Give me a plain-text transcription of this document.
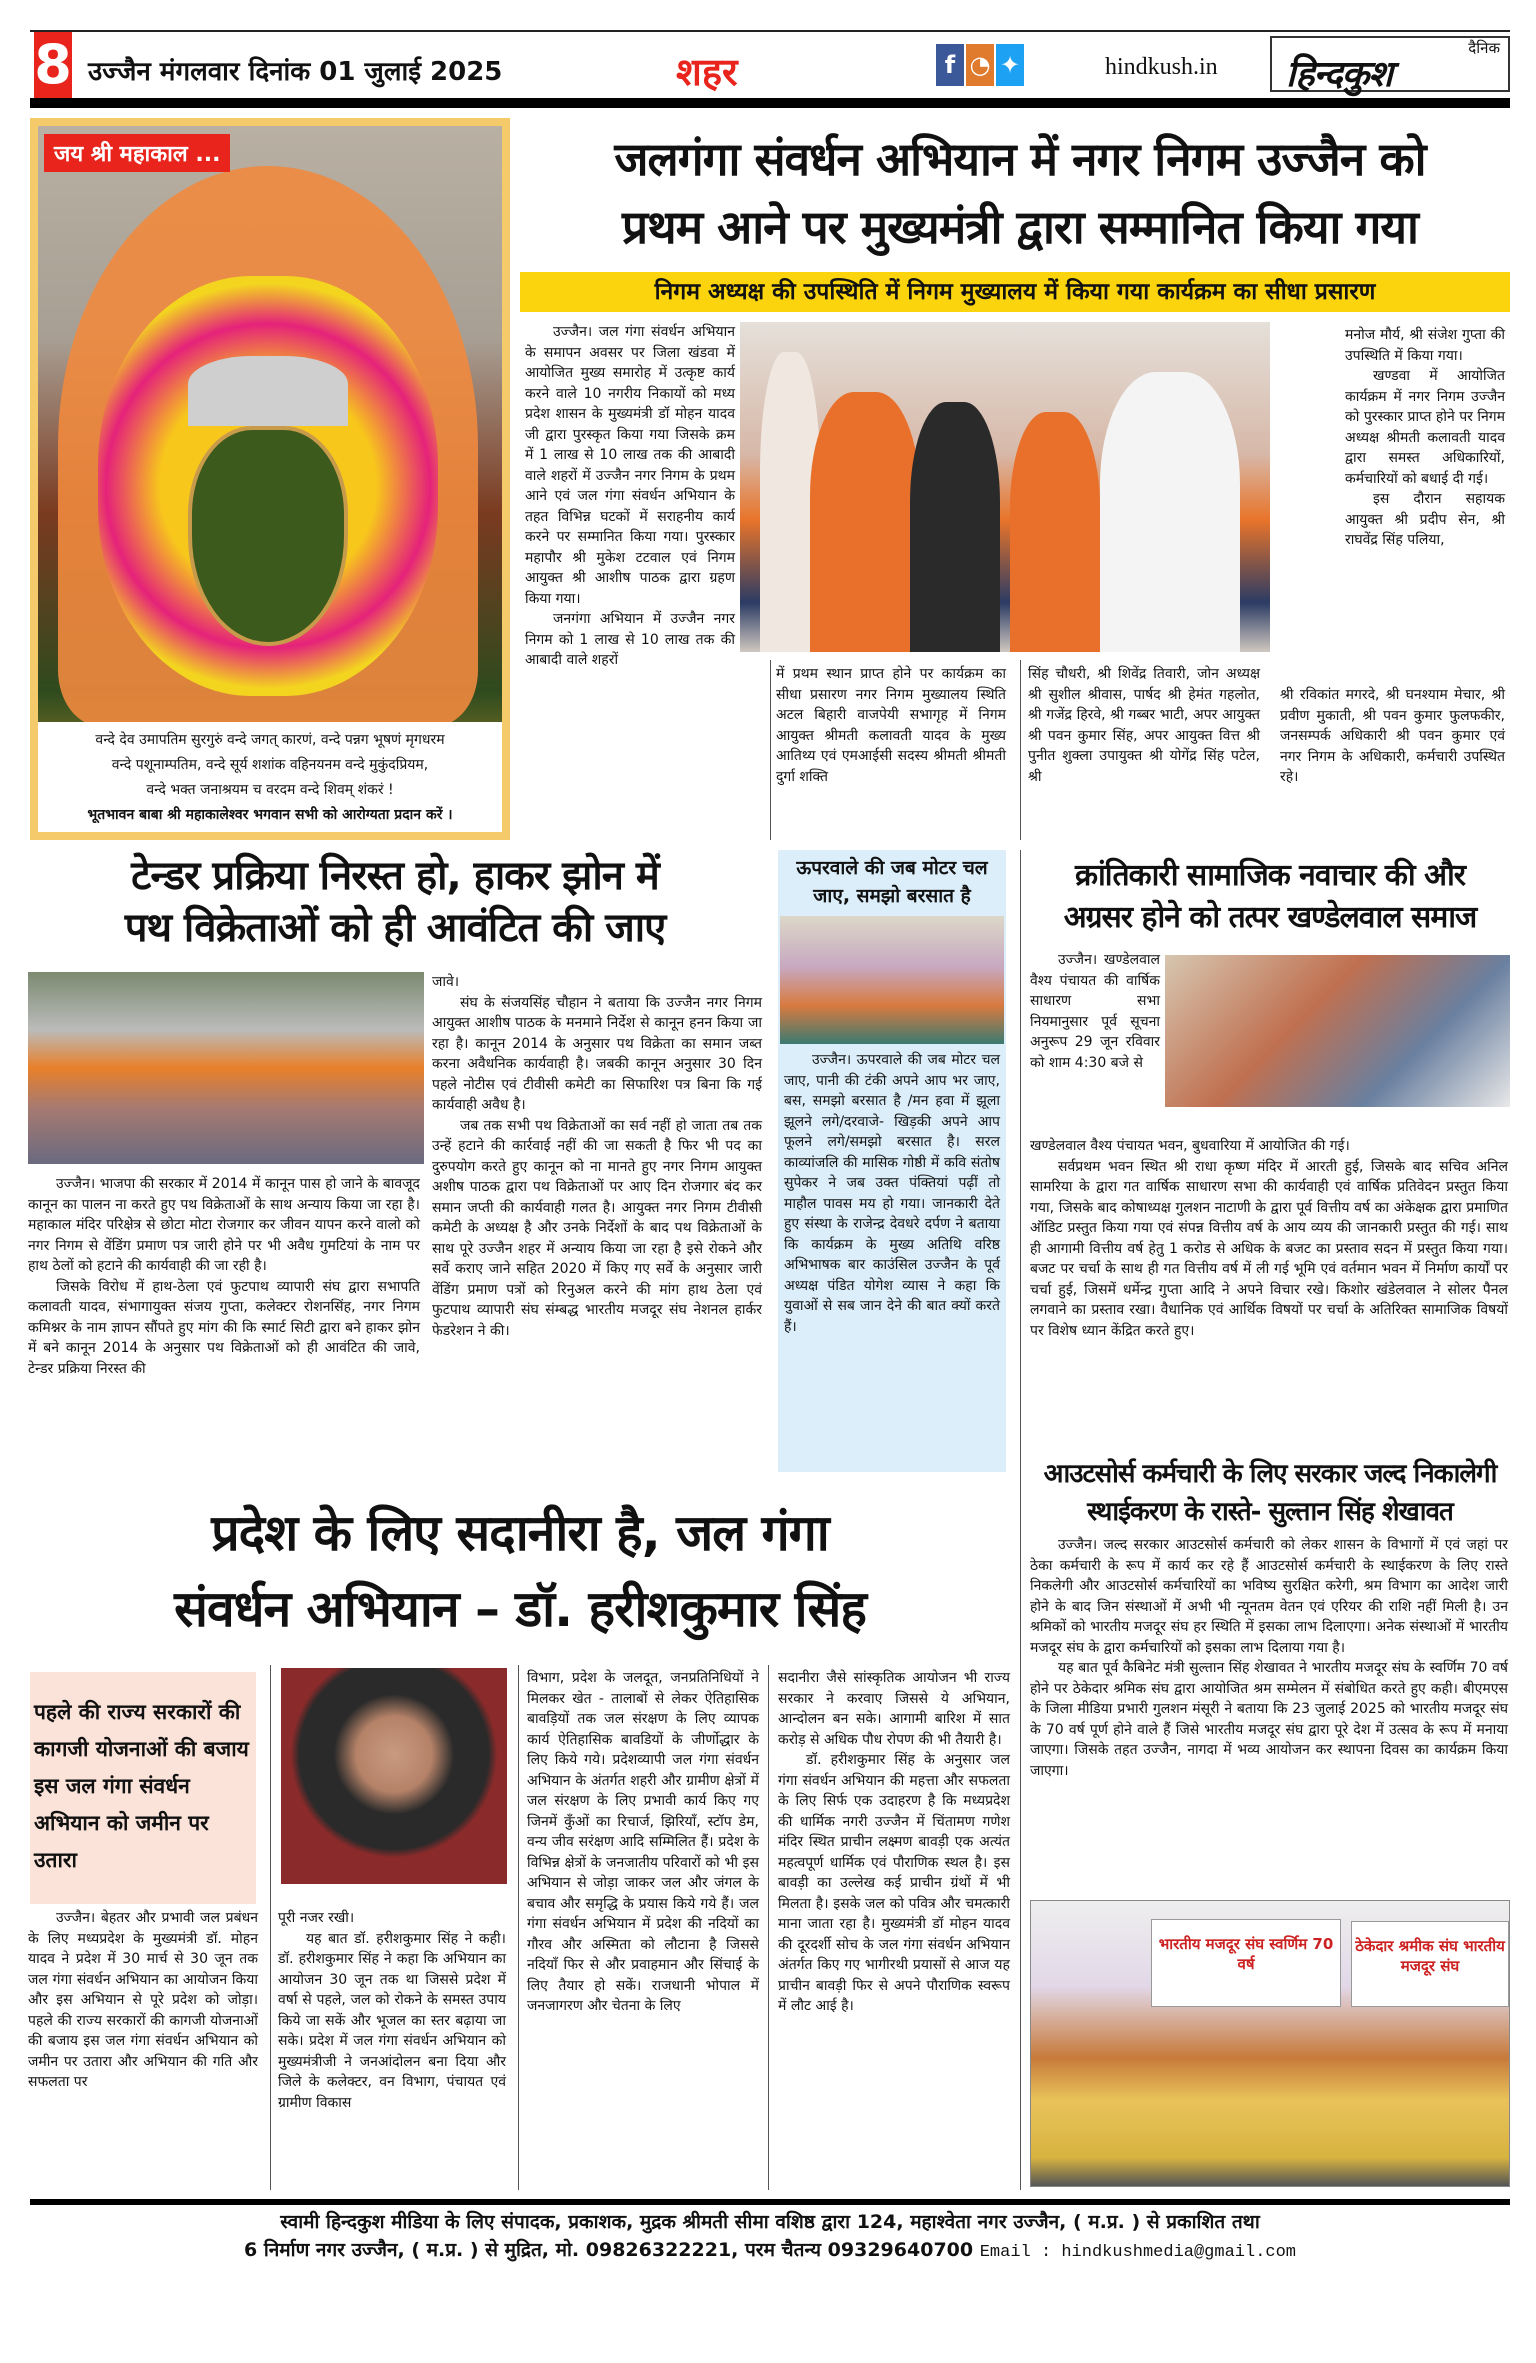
8 उज्जैन मंगलवार दिनांक 01 जुलाई 2025	शहर	f ◔ ✦	hindkush.in
दैनिक
हिन्दकुश
जय श्री महाकाल ...
वन्दे देव उमापतिम सुरगुरुं वन्दे जगत् कारणं, वन्दे पन्नग भूषणं मृगधरम
वन्दे पशूनाम्पतिम, वन्दे सूर्य शशांक वहिनयनम वन्दे मुकुंदप्रियम,
वन्दे भक्त जनाश्रयम च वरदम वन्दे शिवम् शंकरं !
भूतभावन बाबा श्री महाकालेश्वर भगवान सभी को आरोग्यता प्रदान करें ।
जलगंगा संवर्धन अभियान में नगर निगम उज्जैन को
प्रथम आने पर मुख्यमंत्री द्वारा सम्मानित किया गया
निगम अध्यक्ष की उपस्थिति में निगम मुख्यालय में किया गया कार्यक्रम का सीधा प्रसारण

उज्जैन। जल गंगा संवर्धन अभियान के समापन अवसर पर जिला खंडवा में आयोजित मुख्य समारोह में उत्कृष्ट कार्य करने वाले 10 नगरीय निकायों को मध्य प्रदेश शासन के मुख्यमंत्री डॉ मोहन यादव जी द्वारा पुरस्कृत किया गया जिसके क्रम में 1 लाख से 10 लाख तक की आबादी वाले शहरों में उज्जैन नगर निगम के प्रथम आने एवं जल गंगा संवर्धन अभियान के तहत विभिन्न घटकों में सराहनीय कार्य करने पर सम्मानित किया गया। पुरस्कार महापौर श्री मुकेश टटवाल एवं निगम आयुक्त श्री आशीष पाठक द्वारा ग्रहण किया गया।

जनगंगा अभियान में उज्जैन नगर निगम को 1 लाख से 10 लाख तक की आबादी वाले शहरों

में प्रथम स्थान प्राप्त होने पर कार्यक्रम का सीधा प्रसारण नगर निगम मुख्यालय स्थिति अटल बिहारी वाजपेयी सभागृह में निगम आयुक्त श्रीमती कलावती यादव के मुख्य आतिथ्य एवं एमआईसी सदस्य श्रीमती श्रीमती दुर्गा शक्ति
सिंह चौधरी, श्री शिवेंद्र तिवारी, जोन अध्यक्ष श्री सुशील श्रीवास, पार्षद श्री हेमंत गहलोत, श्री गजेंद्र हिरवे, श्री गब्बर भाटी, अपर आयुक्त श्री पवन कुमार सिंह, अपर आयुक्त वित्त श्री पुनीत शुक्ला उपायुक्त श्री योगेंद्र सिंह पटेल, श्री

मनोज मौर्य, श्री संजेश गुप्ता की उपस्थिति में किया गया।

खण्डवा में आयोजित कार्यक्रम में नगर निगम उज्जैन को पुरस्कार प्राप्त होने पर निगम अध्यक्ष श्रीमती कलावती यादव द्वारा समस्त अधिकारियों, कर्मचारियों को बधाई दी गई।

इस दौरान सहायक आयुक्त श्री प्रदीप सेन, श्री राघवेंद्र सिंह पलिया,

श्री रविकांत मगरदे, श्री घनश्याम मेचार, श्री प्रवीण मुकाती, श्री पवन कुमार फुलफकीर, जनसम्पर्क अधिकारी श्री पवन कुमार एवं नगर निगम के अधिकारी, कर्मचारी उपस्थित रहे।
टेन्डर प्रक्रिया निरस्त हो, हाकर झोन में
पथ विक्रेताओं को ही आवंटित की जाए

उज्जैन। भाजपा की सरकार में 2014 में कानून पास हो जाने के बावजूद कानून का पालन ना करते हुए पथ विक्रेताओं के साथ अन्याय किया जा रहा है। महाकाल मंदिर परिक्षेत्र से छोटा मोटा रोजगार कर जीवन यापन करने वालो को नगर निगम से वेंडिंग प्रमाण पत्र जारी होने पर भी अवैध गुमटियां के नाम पर हाथ ठेलों को हटाने की कार्यवाही की जा रही है।

जिसके विरोध में हाथ-ठेला एवं फुटपाथ व्यापारी संघ द्वारा सभापति कलावती यादव, संभागायुक्त संजय गुप्ता, कलेक्टर रोशनसिंह, नगर निगम कमिश्नर के नाम ज्ञापन सौंपते हुए मांग की कि स्मार्ट सिटी द्वारा बने हाकर झोन में बने कानून 2014 के अनुसार पथ विक्रेताओं को ही आवंटित की जावे, टेन्डर प्रक्रिया निरस्त की

जावे।

संघ के संजयसिंह चौहान ने बताया कि उज्जैन नगर निगम आयुक्त आशीष पाठक के मनमाने निर्देश से कानून हनन किया जा रहा है। कानून 2014 के अनुसार पथ विक्रेता का समान जब्त करना अवैधनिक कार्यवाही है। जबकी कानून अनुसार 30 दिन पहले नोटीस एवं टीवीसी कमेटी का सिफारिश पत्र बिना कि गई कार्यवाही अवैध है।

जब तक सभी पथ विक्रेताओं का सर्व नहीं हो जाता तब तक उन्हें हटाने की कार्रवाई नहीं की जा सकती है फिर भी पद का दुरुपयोग करते हुए कानून को ना मानते हुए नगर निगम आयुक्त अशीष पाठक द्वारा पथ विक्रेताओं पर आए दिन रोजगार बंद कर समान जप्ती की कार्यवाही गलत है। आयुक्त नगर निगम टीवीसी कमेटी के अध्यक्ष है और उनके निर्देशों के बाद पथ विक्रेताओं के साथ पूरे उज्जैन शहर में अन्याय किया जा रहा है इसे रोकने और सर्वे कराए जाने सहित 2020 में किए गए सर्वे के अनुसार जारी वेंडिंग प्रमाण पत्रों को रिनुअल करने की मांग हाथ ठेला एवं फुटपाथ व्यापारी संघ संम्बद्ध भारतीय मजदूर संघ नेशनल हार्कर फेडरेशन ने की।

ऊपरवाले की जब मोटर चल जाए, समझो बरसात है
उज्जैन। ऊपरवाले की जब मोटर चल जाए, पानी की टंकी अपने आप भर जाए, बस, समझो बरसात है /मन हवा में झूला झूलने लगे/दरवाजे- खिड़की अपने आप फूलने लगे/समझो बरसात है। सरल काव्यांजलि की मासिक गोष्ठी में कवि संतोष सुपेकर ने जब उक्त पंक्तियां पढ़ीं तो माहौल पावस मय हो गया। जानकारी देते हुए संस्था के राजेन्द्र देवधरे दर्पण ने बताया कि कार्यक्रम के मुख्य अतिथि वरिष्ठ अभिभाषक बार काउंसिल उज्जैन के पूर्व अध्यक्ष पंडित योगेश व्यास ने कहा कि युवाओं से सब जान देने की बात क्यों करते हैं।
क्रांतिकारी सामाजिक नवाचार की और
अग्रसर होने को तत्पर खण्डेलवाल समाज
उज्जैन। खण्डेलवाल वैश्य पंचायत की वार्षिक साधारण सभा नियमानुसार पूर्व सूचना अनुरूप 29 जून रविवार को शाम 4:30 बजे से

खण्डेलवाल वैश्य पंचायत भवन, बुधवारिया में आयोजित की गई।

सर्वप्रथम भवन स्थित श्री राधा कृष्ण मंदिर में आरती हुई, जिसके बाद सचिव अनिल सामरिया के द्वारा गत वार्षिक साधारण सभा की कार्यवाही एवं वार्षिक प्रतिवेदन प्रस्तुत किया गया, जिसके बाद कोषाध्यक्ष गुलशन नाटाणी के द्वारा पूर्व वित्तीय वर्ष का अंकेक्षक द्वारा प्रमाणित ऑडिट प्रस्तुत किया गया एवं संपन्न वित्तीय वर्ष के आय व्यय की जानकारी प्रस्तुत की गई। साथ ही आगामी वित्तीय वर्ष हेतु 1 करोड से अधिक के बजट का प्रस्ताव सदन में प्रस्तुत किया गया। बजट पर चर्चा के साथ ही गत वित्तीय वर्ष में ली गई भूमि एवं वर्तमान भवन में निर्माण कार्यों पर चर्चा हुई, जिसमें धर्मेन्द्र गुप्ता आदि ने अपने विचार रखे। किशोर खंडेलवाल ने सोलर पैनल लगवाने का प्रस्ताव रखा। वैधानिक एवं आर्थिक विषयों पर चर्चा के अतिरिक्त सामाजिक विषयों पर विशेष ध्यान केंद्रित करते हुए।

आउटसोर्स कर्मचारी के लिए सरकार जल्द निकालेगी
स्थाईकरण के रास्ते- सुल्तान सिंह शेखावत

उज्जैन। जल्द सरकार आउटसोर्स कर्मचारी को लेकर शासन के विभागों में एवं जहां पर ठेका कर्मचारी के रूप में कार्य कर रहे हैं आउटसोर्स कर्मचारी के स्थाईकरण के लिए रास्ते निकलेगी और आउटसोर्स कर्मचारियों का भविष्य सुरक्षित करेगी, श्रम विभाग का आदेश जारी होने के बाद जिन संस्थाओं में अभी भी न्यूनतम वेतन एवं एरियर की राशि नहीं मिली है। उन श्रमिकों को भारतीय मजदूर संघ हर स्थिति में इसका लाभ दिलाएगा। अनेक संस्थाओं में भारतीय मजदूर संघ के द्वारा कर्मचारियों को इसका लाभ दिलाया गया है।

यह बात पूर्व कैबिनेट मंत्री सुल्तान सिंह शेखावत ने भारतीय मजदूर संघ के स्वर्णिम 70 वर्ष होने पर ठेकेदार श्रमिक संघ द्वारा आयोजित श्रम सम्मेलन में संबोधित करते हुए कही। बीएमएस के जिला मीडिया प्रभारी गुलशन मंसूरी ने बताया कि 23 जुलाई 2025 को भारतीय मजदूर संघ के 70 वर्ष पूर्ण होने वाले हैं जिसे भारतीय मजदूर संघ द्वारा पूरे देश में उत्सव के रूप में मनाया जाएगा। जिसके तहत उज्जैन, नागदा में भव्य आयोजन कर स्थापना दिवस का कार्यक्रम किया जाएगा।

भारतीय मजदूर संघ स्वर्णिम 70 वर्ष
ठेकेदार श्रमीक संघ भारतीय मजदूर संघ
प्रदेश के लिए सदानीरा है, जल गंगा
संवर्धन अभियान – डॉ. हरीशकुमार सिंह
पहले की राज्य सरकारों की कागजी योजनाओं की बजाय इस जल गंगा संवर्धन अभियान को जमीन पर उतारा
उज्जैन। बेहतर और प्रभावी जल प्रबंधन के लिए मध्यप्रदेश के मुख्यमंत्री डॉ. मोहन यादव ने प्रदेश में 30 मार्च से 30 जून तक जल गंगा संवर्धन अभियान का आयोजन किया और इस अभियान से पूरे प्रदेश को जोड़ा। पहले की राज्य सरकारों की कागजी योजनाओं की बजाय इस जल गंगा संवर्धन अभियान को जमीन पर उतारा और अभियान की गति और सफलता पर

पूरी नजर रखी।

यह बात डॉ. हरीशकुमार सिंह ने कही। डॉ. हरीशकुमार सिंह ने कहा कि अभियान का आयोजन 30 जून तक था जिससे प्रदेश में वर्षा से पहले, जल को रोकने के समस्त उपाय किये जा सकें और भूजल का स्तर बढ़ाया जा सके। प्रदेश में जल गंगा संवर्धन अभियान को मुख्यमंत्रीजी ने जनआंदोलन बना दिया और जिले के कलेक्टर, वन विभाग, पंचायत एवं ग्रामीण विकास

विभाग, प्रदेश के जलदूत, जनप्रतिनिधियों ने मिलकर खेत - तालाबों से लेकर ऐतिहासिक बावड़ियों तक जल संरक्षण के लिए व्यापक कार्य ऐतिहासिक बावडियों के जीर्णोद्धार के लिए किये गये। प्रदेशव्यापी जल गंगा संवर्धन अभियान के अंतर्गत शहरी और ग्रामीण क्षेत्रों में जल संरक्षण के लिए प्रभावी कार्य किए गए जिनमें कुँओं का रिचार्ज, झिरियाँ, स्टॉप डेम, वन्य जीव सरंक्षण आदि सम्मिलित हैं। प्रदेश के विभिन्न क्षेत्रों के जनजातीय परिवारों को भी इस अभियान से जोड़ा जाकर जल और जंगल के बचाव और समृद्धि के प्रयास किये गये हैं। जल गंगा संवर्धन अभियान में प्रदेश की नदियों का गौरव और अस्मिता को लौटाना है जिससे नदियाँ फिर से और प्रवाहमान और सिंचाई के लिए तैयार हो सकें। राजधानी भोपाल में जनजागरण और चेतना के लिए

सदानीरा जैसे सांस्कृतिक आयोजन भी राज्य सरकार ने करवाए जिससे ये अभियान, आन्दोलन बन सके। आगामी बारिश में सात करोड़ से अधिक पौध रोपण की भी तैयारी है।

डॉ. हरीशकुमार सिंह के अनुसार जल गंगा संवर्धन अभियान की महत्ता और सफलता के लिए सिर्फ एक उदाहरण है कि मध्यप्रदेश की धार्मिक नगरी उज्जैन में चिंतामण गणेश मंदिर स्थित प्राचीन लक्ष्मण बावड़ी एक अत्यंत महत्वपूर्ण धार्मिक एवं पौराणिक स्थल है। इस बावड़ी का उल्लेख कई प्राचीन ग्रंथों में भी मिलता है। इसके जल को पवित्र और चमत्कारी माना जाता रहा है। मुख्यमंत्री डॉ मोहन यादव की दूरदर्शी सोच के जल गंगा संवर्धन अभियान अंतर्गत किए गए भागीरथी प्रयासों से आज यह प्राचीन बावड़ी फिर से अपने पौराणिक स्वरूप में लौट आई है।

स्वामी हिन्दकुश मीडिया के लिए संपादक, प्रकाशक, मुद्रक श्रीमती सीमा वशिष्ठ द्वारा 124, महाश्वेता नगर उज्जैन, ( म.प्र. ) से प्रकाशित तथा
6 निर्माण नगर उज्जैन, ( म.प्र. ) से मुद्रित, मो. 09826322221, परम चैतन्य 09329640700 Email : hindkushmedia@gmail.com
